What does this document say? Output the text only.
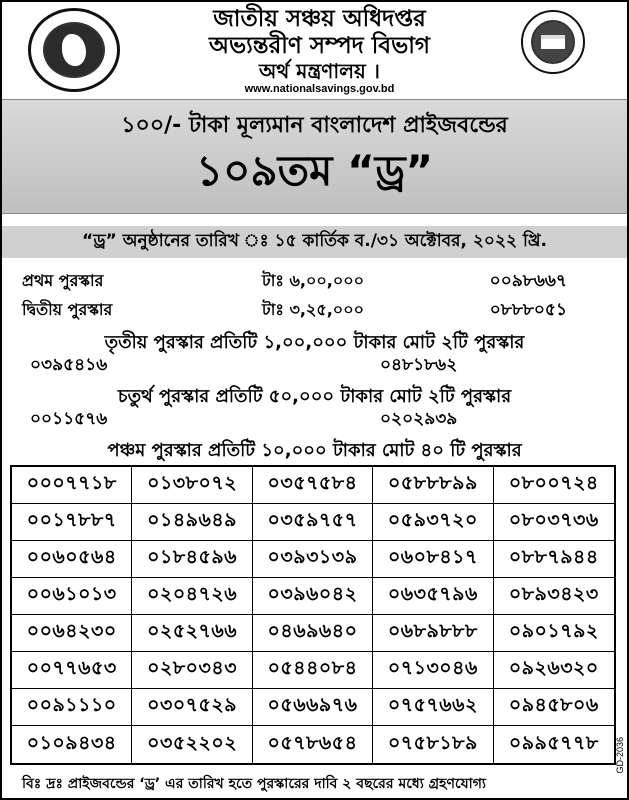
জাতীয় সঞ্চয় অধিদপ্তর
অভ্যন্তরীণ সম্পদ বিভাগ
অর্থ মন্ত্রণালয় ।
www.nationalsavings.gov.bd
১০০/- টাকা মূল্যমান বাংলাদেশ প্রাইজবন্ডের
১০৯তম “ড্র”
“ড্র” অনুষ্ঠানের তারিখ ঃ ১৫ কার্তিক ব./৩১ অক্টোবর, ২০২২ খ্রি.
প্রথম পুরস্কার	টাঃ ৬,০০,০০০	০০৯৮৬৬৭
দ্বিতীয় পুরস্কার	টাঃ ৩,২৫,০০০	০৮৮৮০৫১
তৃতীয় পুরস্কার প্রতিটি ১,০০,০০০ টাকার মোট ২টি পুরস্কার
০৩৯৫৪১৬	০৪৮১৮৬২
চতুর্থ পুরস্কার প্রতিটি ৫০,০০০ টাকার মোট ২টি পুরস্কার
০০১১৫৭৬	০২০২৯৩৯
পঞ্চম পুরস্কার প্রতিটি ১০,০০০ টাকার মোট ৪০ টি পুরস্কার
০০০৭৭১৮	০১৩৮০৭২	০৩৫৭৫৮৪	০৫৮৮৮৯৯	০৮০০৭২৪
০০১৭৮৮৭	০১৪৯৬৪৯	০৩৫৯৭৫৭	০৫৯৩৭২০	০৮০৩৭৩৬
০০৬০৫৬৪	০১৮৪৫৯৬	০৩৯৩১৩৯	০৬০৮৪১৭	০৮৮৭৯৪৪
০০৬১০১৩	০২০৪৭২৬	০৩৯৬০৪২	০৬৩৫৭৯৬	০৮৯৩৪২৩
০০৬৪২৩০	০২৫২৭৬৬	০৪৬৯৬৪০	০৬৮৯৮৮৮	০৯০১৭৯২
০০৭৭৬৫৩	০২৮০৩৪৩	০৫৪৪০৮৪	০৭১৩০৪৬	০৯২৬৩২০
০০৯১১১০	০৩০৭৫২৯	০৫৬৬৯৭৬	০৭৫৭৬৬২	০৯৪৫৮০৬
০১০৯৪৩৪	০৩৫২২০২	০৫৭৮৬৫৪	০৭৫৮১৮৯	০৯৯৫৭৭৮	GD-2036
বিঃ দ্রঃ প্রাইজবন্ডের ‘ড্র’ এর তারিখ হতে পুরস্কারের দাবি ২ বছরের মধ্যে গ্রহণযোগ্য
